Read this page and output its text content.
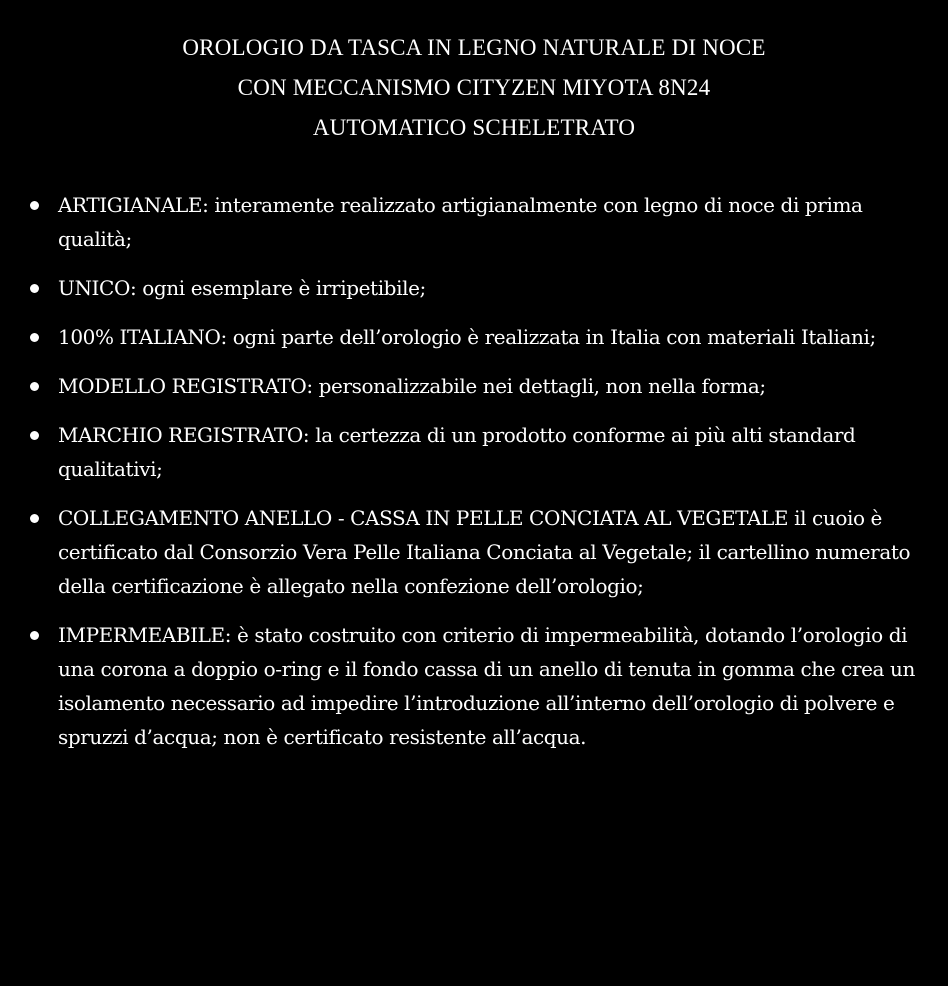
OROLOGIO DA TASCA IN LEGNO NATURALE DI NOCE
CON MECCANISMO CITYZEN MIYOTA 8N24
AUTOMATICO SCHELETRATO
ARTIGIANALE: interamente realizzato artigianalmente con legno di noce di prima qualità;
UNICO: ogni esemplare è irripetibile;
100% ITALIANO: ogni parte dell’orologio è realizzata in Italia con materiali Italiani;
MODELLO REGISTRATO: personalizzabile nei dettagli, non nella forma;
MARCHIO REGISTRATO: la certezza di un prodotto conforme ai più alti standard qualitativi;
COLLEGAMENTO ANELLO - CASSA IN PELLE CONCIATA AL VEGETALE il cuoio è certificato dal Consorzio Vera Pelle Italiana Conciata al Vegetale; il cartellino numerato della certificazione è allegato nella confezione dell’orologio;
IMPERMEABILE: è stato costruito con criterio di impermeabilità, dotando l’orologio di una corona a doppio o-ring e il fondo cassa di un anello di tenuta in gomma che crea un isolamento necessario ad impedire l’introduzione all’interno dell’orologio di polvere e spruzzi d’acqua; non è certificato resistente all’acqua.
